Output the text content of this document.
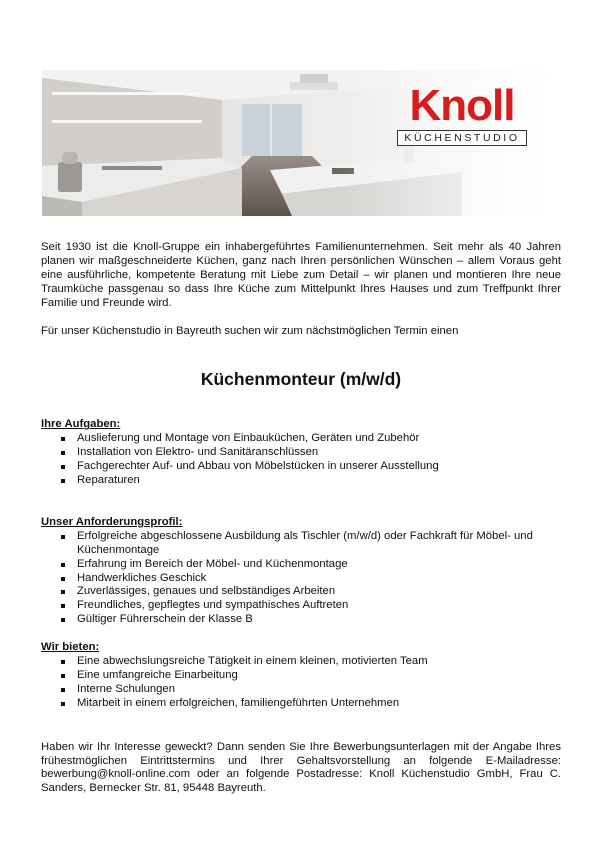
Knoll
KÜCHENSTUDIO

Seit 1930 ist die Knoll-Gruppe ein inhabergeführtes Familienunternehmen. Seit mehr als 40 Jahren planen wir maßgeschneiderte Küchen, ganz nach Ihren persönlichen Wünschen – allem Voraus geht eine ausführliche, kompetente Beratung mit Liebe zum Detail – wir planen und montieren Ihre neue Traumküche passgenau so dass Ihre Küche zum Mittelpunkt Ihres Hauses und zum Treffpunkt Ihrer Familie und Freunde wird.

Für unser Küchenstudio in Bayreuth suchen wir zum nächstmöglichen Termin einen

Küchenmonteur (m/w/d)

Ihre Aufgaben:

Auslieferung und Montage von Einbauküchen, Geräten und Zubehör
Installation von Elektro- und Sanitäranschlüssen
Fachgerechter Auf- und Abbau von Möbelstücken in unserer Ausstellung
Reparaturen

Unser Anforderungsprofil:

Erfolgreiche abgeschlossene Ausbildung als Tischler (m/w/d) oder Fachkraft für Möbel- und Küchenmontage
Erfahrung im Bereich der Möbel- und Küchenmontage
Handwerkliches Geschick
Zuverlässiges, genaues und selbständiges Arbeiten
Freundliches, gepflegtes und sympathisches Auftreten
Gültiger Führerschein der Klasse B

Wir bieten:

Eine abwechslungsreiche Tätigkeit in einem kleinen, motivierten Team
Eine umfangreiche Einarbeitung
Interne Schulungen
Mitarbeit in einem erfolgreichen, familiengeführten Unternehmen

Haben wir Ihr Interesse geweckt? Dann senden Sie Ihre Bewerbungsunterlagen mit der Angabe Ihres frühestmöglichen Eintrittstermins und Ihrer Gehaltsvorstellung an folgende E-Mailadresse: bewerbung@knoll-online.com oder an folgende Postadresse: Knoll Küchenstudio GmbH, Frau C. Sanders, Bernecker Str. 81, 95448 Bayreuth.
